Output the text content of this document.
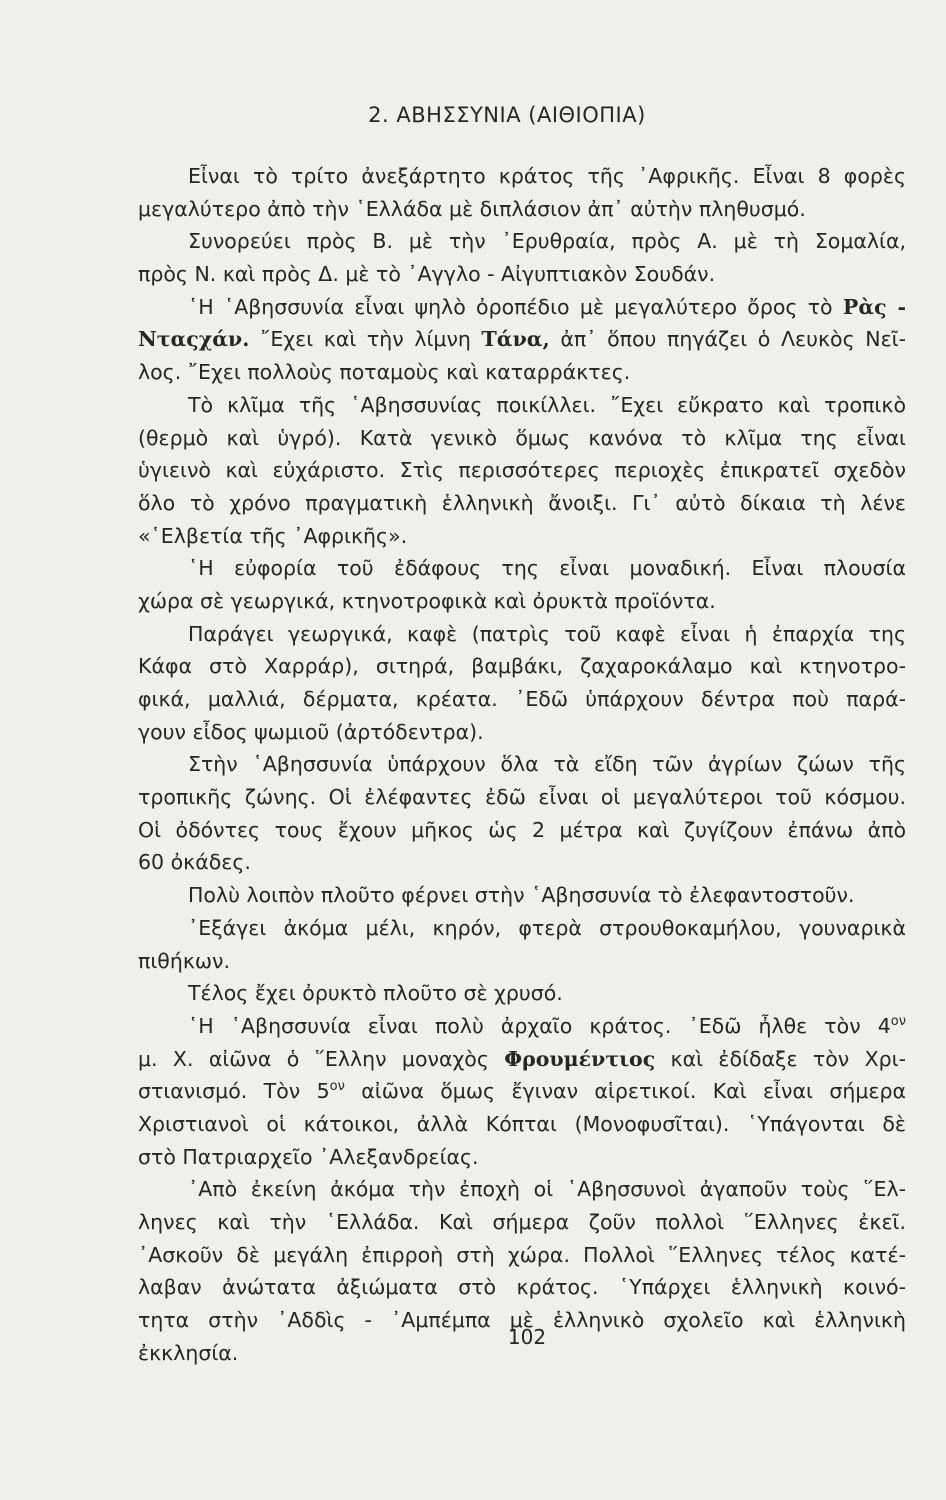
2. ΑΒΗΣΣΥΝΙΑ (ΑΙΘΙΟΠΙΑ)
Εἶναι τὸ τρίτο ἀνεξάρτητο κράτος τῆς ᾿Αφρικῆς. Εἶναι 8 φορὲς
μεγαλύτερο ἀπὸ τὴν ῾Ελλάδα μὲ διπλάσιον ἀπ᾿ αὐτὴν πληθυσμό.
Συνορεύει πρὸς Β. μὲ τὴν ᾿Ερυθραία, πρὸς Α. μὲ τὴ Σομαλία,
πρὸς Ν. καὶ πρὸς Δ. μὲ τὸ ᾿Αγγλο - Αἰγυπτιακὸν Σουδάν.
῾Η ῾Αβησσυνία εἶναι ψηλὸ ὀροπέδιο μὲ μεγαλύτερο ὄρος τὸ Ρὰς -
Νταςχάν. ῎Εχει καὶ τὴν λίμνη Τάνα, ἀπ᾿ ὅπου πηγάζει ὁ Λευκὸς Νεῖ-
λος. ῎Εχει πολλοὺς ποταμοὺς καὶ καταρράκτες.
Τὸ κλῖμα τῆς ῾Αβησσυνίας ποικίλλει. ῎Εχει εὔκρατο καὶ τροπικὸ
(θερμὸ καὶ ὑγρό). Κατὰ γενικὸ ὅμως κανόνα τὸ κλῖμα της εἶναι
ὑγιεινὸ καὶ εὐχάριστο. Στὶς περισσότερες περιοχὲς ἐπικρατεῖ σχεδὸν
ὅλο τὸ χρόνο πραγματικὴ ἑλληνικὴ ἄνοιξι. Γι᾿ αὐτὸ δίκαια τὴ λένε
«῾Ελβετία τῆς ᾿Αφρικῆς».
῾Η εὐφορία τοῦ ἐδάφους της εἶναι μοναδική. Εἶναι πλουσία
χώρα σὲ γεωργικά, κτηνοτροφικὰ καὶ ὀρυκτὰ προϊόντα.
Παράγει γεωργικά, καφὲ (πατρὶς τοῦ καφὲ εἶναι ἡ ἐπαρχία της
Κάφα στὸ Χαρράρ), σιτηρά, βαμβάκι, ζαχαροκάλαμο καὶ κτηνοτρο-
φικά, μαλλιά, δέρματα, κρέατα. ᾿Εδῶ ὑπάρχουν δέντρα ποὺ παρά-
γουν εἶδος ψωμιοῦ (ἀρτόδεντρα).
Στὴν ῾Αβησσυνία ὑπάρχουν ὅλα τὰ εἴδη τῶν ἀγρίων ζώων τῆς
τροπικῆς ζώνης. Οἱ ἐλέφαντες ἐδῶ εἶναι οἱ μεγαλύτεροι τοῦ κόσμου.
Οἱ ὀδόντες τους ἔχουν μῆκος ὡς 2 μέτρα καὶ ζυγίζουν ἐπάνω ἀπὸ
60 ὀκάδες.
Πολὺ λοιπὸν πλοῦτο φέρνει στὴν ῾Αβησσυνία τὸ ἐλεφαντοστοῦν.
᾿Εξάγει ἀκόμα μέλι, κηρόν, φτερὰ στρουθοκαμήλου, γουναρικὰ
πιθήκων.
Τέλος ἔχει ὀρυκτὸ πλοῦτο σὲ χρυσό.
῾Η ῾Αβησσυνία εἶναι πολὺ ἀρχαῖο κράτος. ᾿Εδῶ ἦλθε τὸν $4^{o\nu}$
μ. Χ. αἰῶνα ὁ ῞Ελλην μοναχὸς Φρουμέντιος καὶ ἐδίδαξε τὸν Χρι-
στιανισμό. Τὸν $5^{o\nu}$ αἰῶνα ὅμως ἔγιναν αἱρετικοί. Καὶ εἶναι σήμερα
Χριστιανοὶ οἱ κάτοικοι, ἀλλὰ Κόπται (Μονοφυσῖται). ῾Υπάγονται δὲ
στὸ Πατριαρχεῖο ᾿Αλεξανδρείας.
᾿Απὸ ἐκείνη ἀκόμα τὴν ἐποχὴ οἱ ῾Αβησσυνοὶ ἀγαποῦν τοὺς ῞Ελ-
ληνες καὶ τὴν ῾Ελλάδα. Καὶ σήμερα ζοῦν πολλοὶ ῞Ελληνες ἐκεῖ.
᾿Ασκοῦν δὲ μεγάλη ἐπιρροὴ στὴ χώρα. Πολλοὶ ῞Ελληνες τέλος κατέ-
λαβαν ἀνώτατα ἀξιώματα στὸ κράτος. ῾Υπάρχει ἑλληνικὴ κοινό-
τητα στὴν ᾿Αδδὶς - ᾿Αμπέμπα μὲ ἑλληνικὸ σχολεῖο καὶ ἑλληνικὴ
ἐκκλησία.
102
